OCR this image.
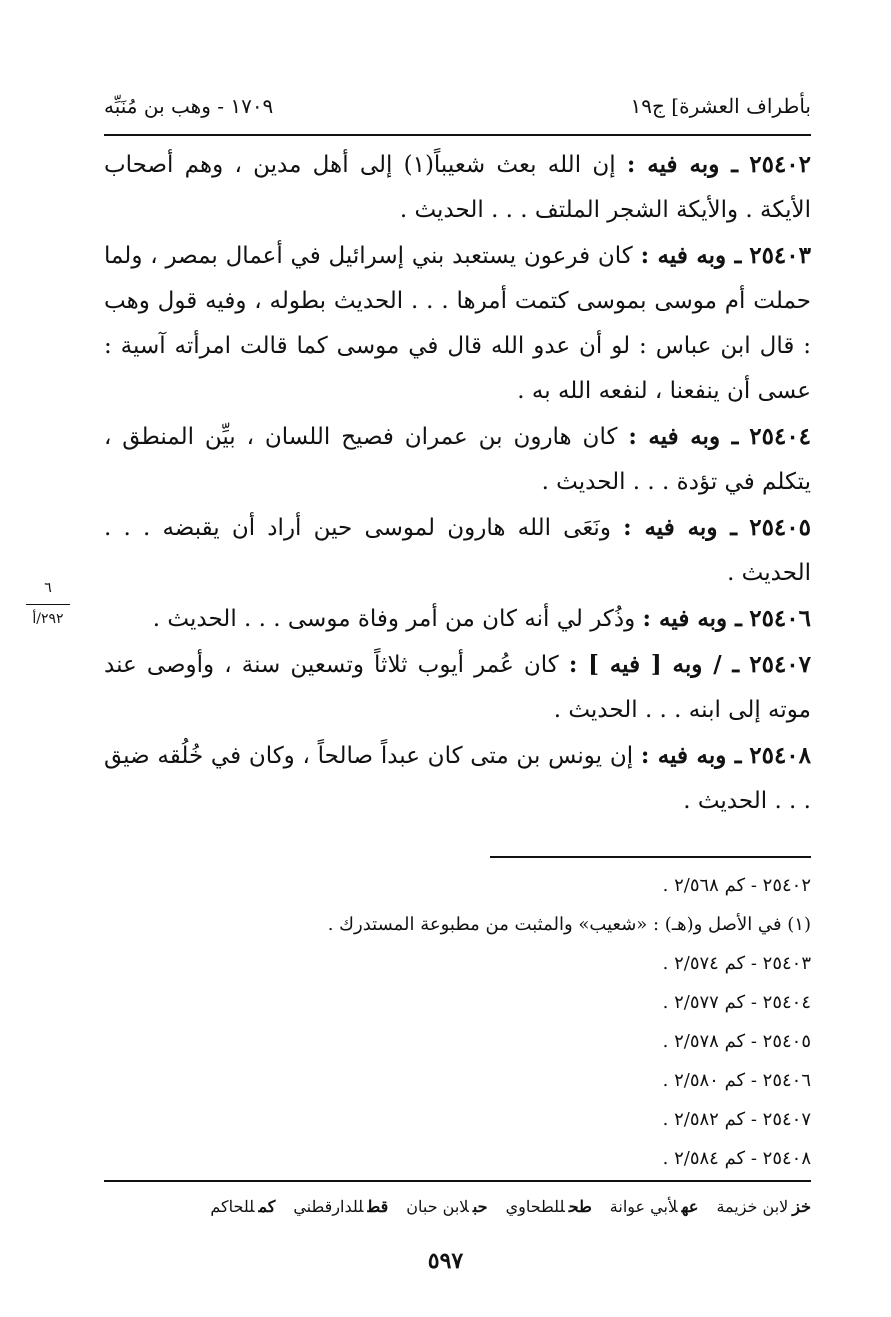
١٧٠٩ - وهب بن مُنَبِّه	بأطراف العشرة] ج١٩

٢٥٤٠٢ ـ وبه فيه : إن الله بعث شعيباً(١) إلى أهل مدين ، وهم أصحاب الأيكة . والأيكة الشجر الملتف . . . الحديث .

٢٥٤٠٣ ـ وبه فيه : كان فرعون يستعبد بني إسرائيل في أعمال بمصر ، ولما حملت أم موسى بموسى كتمت أمرها . . . الحديث بطوله ، وفيه قول وهب : قال ابن عباس : لو أن عدو الله قال في موسى كما قالت امرأته آسية : عسى أن ينفعنا ، لنفعه الله به .

٢٥٤٠٤ ـ وبه فيه : كان هارون بن عمران فصيح اللسان ، بيِّن المنطق ، يتكلم في تؤدة . . . الحديث .

٢٥٤٠٥ ـ وبه فيه : ونَعَى الله هارون لموسى حين أراد أن يقبضه . . . الحديث .

٢٥٤٠٦ ـ وبه فيه : وذُكر لي أنه كان من أمر وفاة موسى . . . الحديث .

٢٥٤٠٧ ـ / وبه [ فيه ] : كان عُمر أيوب ثلاثاً وتسعين سنة ، وأوصى عند موته إلى ابنه . . . الحديث .

٢٥٤٠٨ ـ وبه فيه : إن يونس بن متى كان عبداً صالحاً ، وكان في خُلُقه ضيق . . . الحديث .

٦
٢٩٢/أ
٢٥٤٠٢ - كم ٢/٥٦٨ .
(١) في الأصل و(هـ) : «شعيب» والمثبت من مطبوعة المستدرك .
٢٥٤٠٣ - كم ٢/٥٧٤ .
٢٥٤٠٤ - كم ٢/٥٧٧ .
٢٥٤٠٥ - كم ٢/٥٧٨ .
٢٥٤٠٦ - كم ٢/٥٨٠ .
٢٥٤٠٧ - كم ٢/٥٨٢ .
٢٥٤٠٨ - كم ٢/٥٨٤ .
خزلابن خزيمة
عهلأبي عوانة
طحللطحاوي
حبلابن حبان
قطللدارقطني
كمللحاكم
٥٩٧
